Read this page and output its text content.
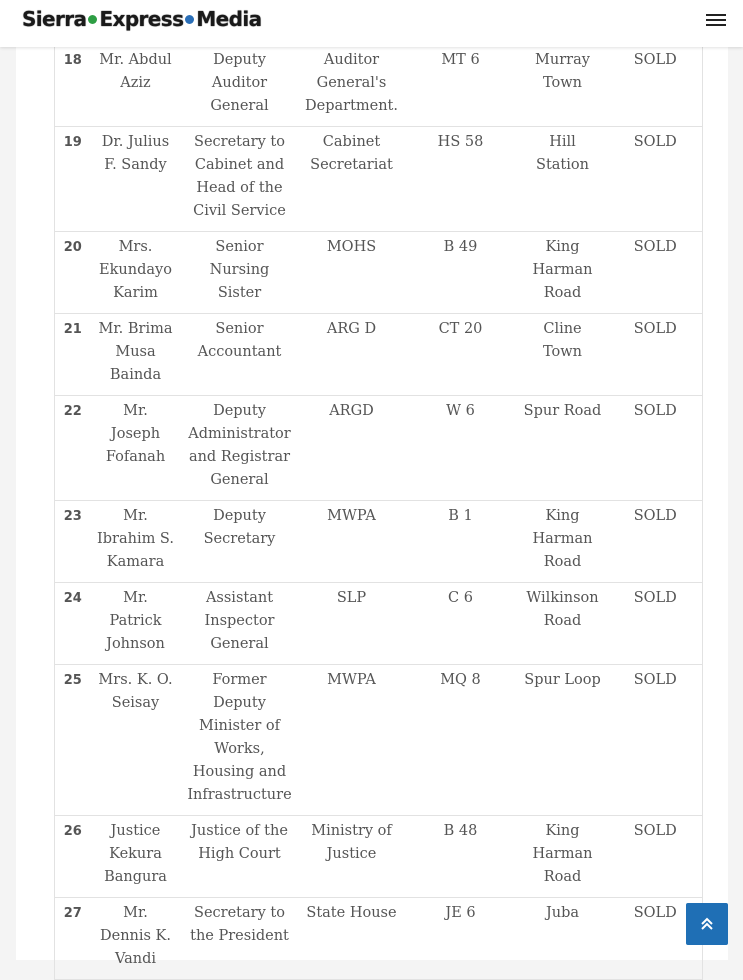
Sierra Express Media
18	Mr. Abdul Aziz	Deputy Auditor General	Auditor General's Department.	MT 6	Murray Town	SOLD
19	Dr. Julius F. Sandy	Secretary to Cabinet and Head of the Civil Service	Cabinet Secretariat	HS 58	Hill Station	SOLD
20	Mrs. Ekundayo Karim	Senior Nursing Sister	MOHS	B 49	King Harman Road	SOLD
21	Mr. Brima Musa Bainda	Senior Accountant	ARG D	CT 20	Cline Town	SOLD
22	Mr. Joseph Fofanah	Deputy Administrator and Registrar General	ARGD	W 6	Spur Road	SOLD
23	Mr. Ibrahim S. Kamara	Deputy Secretary	MWPA	B 1	King Harman Road	SOLD
24	Mr. Patrick Johnson	Assistant Inspector General	SLP	C 6	Wilkinson Road	SOLD
25	Mrs. K. O. Seisay	Former Deputy Minister of Works, Housing and Infrastructure	MWPA	MQ 8	Spur Loop	SOLD
26	Justice Kekura Bangura	Justice of the High Court	Ministry of Justice	B 48	King Harman Road	SOLD
27	Mr. Dennis K. Vandi	Secretary to the President	State House	JE 6	Juba	SOLD
